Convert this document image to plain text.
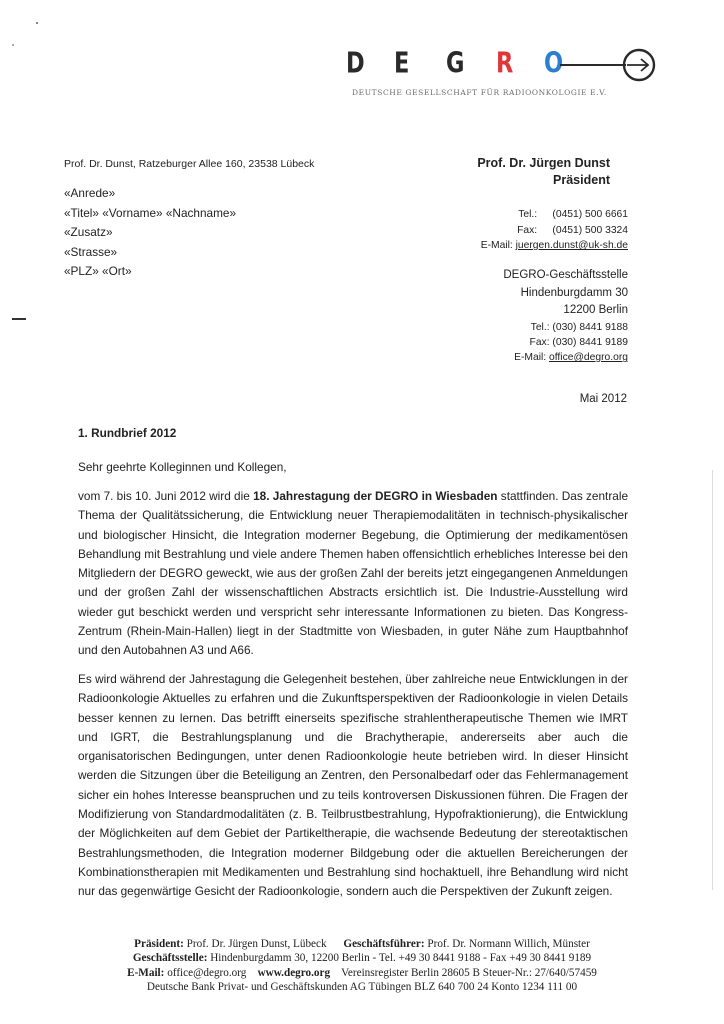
D E G R O
DEUTSCHE GESELLSCHAFT FÜR RADIOONKOLOGIE E.V.
Prof. Dr. Dunst, Ratzeburger Allee 160, 23538 Lübeck
«Anrede»
«Titel» «Vorname» «Nachname»
«Zusatz»
«Strasse»
«PLZ» «Ort»
Prof. Dr. Jürgen Dunst
Präsident
Tel.: (0451) 500 6661
Fax: (0451) 500 3324
E-Mail: juergen.dunst@uk-sh.de
DEGRO-Geschäftsstelle
Hindenburgdamm 30
12200 Berlin
Tel.: (030) 8441 9188
Fax: (030) 8441 9189
E-Mail: office@degro.org
Mai 2012
1. Rundbrief 2012
Sehr geehrte Kolleginnen und Kollegen,
vom 7. bis 10. Juni 2012 wird die 18. Jahrestagung der DEGRO in Wiesbaden stattfinden. Das zentrale Thema der Qualitätssicherung, die Entwicklung neuer Therapiemodalitäten in technisch-physikalischer und biologischer Hinsicht, die Integration moderner Begebung, die Optimierung der medikamentösen Behandlung mit Bestrahlung und viele andere Themen haben offensichtlich erhebliches Interesse bei den Mitgliedern der DEGRO geweckt, wie aus der großen Zahl der bereits jetzt eingegangenen Anmeldungen und der großen Zahl der wissenschaftlichen Abstracts ersichtlich ist. Die Industrie-Ausstellung wird wieder gut beschickt werden und verspricht sehr interessante Informationen zu bieten. Das Kongress-Zentrum (Rhein-Main-Hallen) liegt in der Stadtmitte von Wiesbaden, in guter Nähe zum Hauptbahnhof und den Autobahnen A3 und A66.
Es wird während der Jahrestagung die Gelegenheit bestehen, über zahlreiche neue Entwicklungen in der Radioonkologie Aktuelles zu erfahren und die Zukunftsperspektiven der Radioonkologie in vielen Details besser kennen zu lernen. Das betrifft einerseits spezifische strahlentherapeutische Themen wie IMRT und IGRT, die Bestrahlungsplanung und die Brachytherapie, andererseits aber auch die organisatorischen Bedingungen, unter denen Radioonkologie heute betrieben wird. In dieser Hinsicht werden die Sitzungen über die Beteiligung an Zentren, den Personalbedarf oder das Fehlermanagement sicher ein hohes Interesse beanspruchen und zu teils kontroversen Diskussionen führen. Die Fragen der Modifizierung von Standardmodalitäten (z. B. Teilbrustbestrahlung, Hypofraktionierung), die Entwicklung der Möglichkeiten auf dem Gebiet der Partikeltherapie, die wachsende Bedeutung der stereotaktischen Bestrahlungsmethoden, die Integration moderner Bildgebung oder die aktuellen Bereicherungen der Kombinationstherapien mit Medikamenten und Bestrahlung sind hochaktuell, ihre Behandlung wird nicht nur das gegenwärtige Gesicht der Radioonkologie, sondern auch die Perspektiven der Zukunft zeigen.
Präsident: Prof. Dr. Jürgen Dunst, Lübeck Geschäftsführer: Prof. Dr. Normann Willich, Münster
Geschäftsstelle: Hindenburgdamm 30, 12200 Berlin - Tel. +49 30 8441 9188 - Fax +49 30 8441 9189
E-Mail: office@degro.org www.degro.org Vereinsregister Berlin 28605 B Steuer-Nr.: 27/640/57459
Deutsche Bank Privat- und Geschäftskunden AG Tübingen BLZ 640 700 24 Konto 1234 111 00
